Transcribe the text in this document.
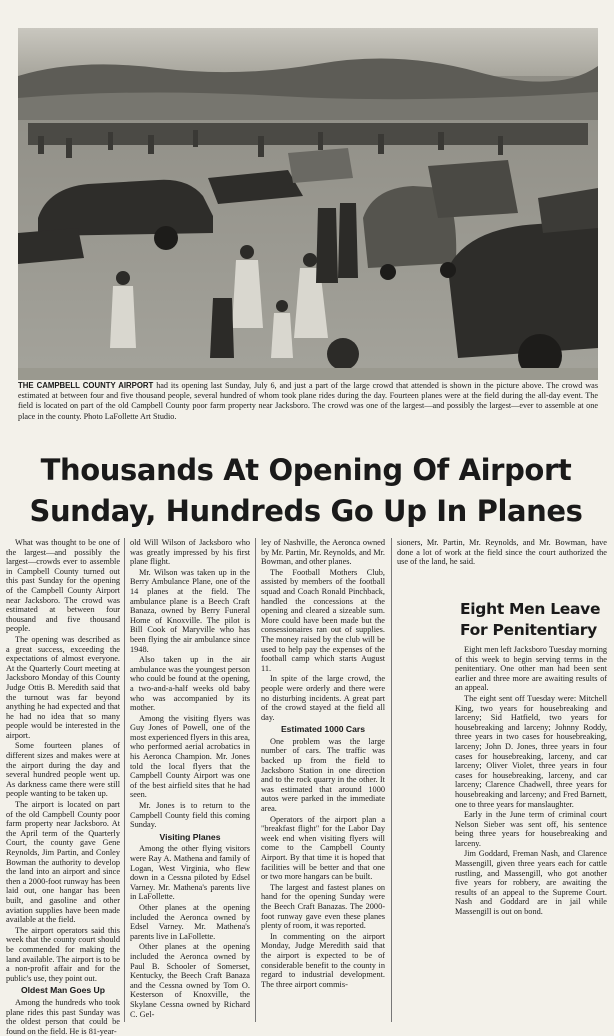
THE CAMPBELL COUNTY AIRPORT had its opening last Sunday, July 6, and just a part of the large crowd that attended is shown in the picture above. The crowd was estimated at between four and five thousand people, several hundred of whom took plane rides during the day. Fourteen planes were at the field during the all-day event. The field is located on part of the old Campbell County poor farm property near Jacksboro. The crowd was one of the largest—and possibly the largest—ever to assemble at one place in the county. Photo LaFollette Art Studio.

Thousands At Opening Of Airport
Sunday, Hundreds Go Up In Planes

What was thought to be one of the largest—and possibly the largest—crowds ever to assemble in Campbell County turned out this past Sunday for the opening of the Campbell County Airport near Jacksboro. The crowd was estimated at between four thousand and five thousand people.

The opening was described as a great success, exceeding the expectations of almost everyone. At the Quarterly Court meeting at Jacksboro Monday of this County Judge Ottis B. Meredith said that the turnout was far beyond anything he had expected and that he had no idea that so many people would be interested in the airport.

Some fourteen planes of different sizes and makes were at the airport during the day and several hundred people went up. As darkness came there were still people wanting to be taken up.

The airport is located on part of the old Campbell County poor farm property near Jacksboro. At the April term of the Quarterly Court, the county gave Gene Reynolds, Jim Partin, and Conley Bowman the authority to develop the land into an airport and since then a 2000-foot runway has been laid out, one hangar has been built, and gasoline and other aviation supplies have been made available at the field.

The airport operators said this week that the county court should be commended for making the land available. The airport is to be a non-profit affair and for the public's use, they point out.

Oldest Man Goes Up

Among the hundreds who took plane rides this past Sunday was the oldest person that could be found on the field. He is 81-year-

old Will Wilson of Jacksboro who was greatly impressed by his first plane flight.

Mr. Wilson was taken up in the Berry Ambulance Plane, one of the 14 planes at the field. The ambulance plane is a Beech Craft Banaza, owned by Berry Funeral Home of Knoxville. The pilot is Bill Cook of Maryville who has been flying the air ambulance since 1948.

Also taken up in the air ambulance was the youngest person who could be found at the opening, a two-and-a-half weeks old baby who was accompanied by its mother.

Among the visiting flyers was Guy Jones of Powell, one of the most experienced flyers in this area, who performed aerial acrobatics in his Aeronca Champion. Mr. Jones told the local flyers that the Campbell County Airport was one of the best airfield sites that he had seen.

Mr. Jones is to return to the Campbell County field this coming Sunday.

Visiting Planes

Among the other flying visitors were Ray A. Mathena and family of Logan, West Virginia, who flew down in a Cessna piloted by Edsel Varney. Mr. Mathena's parents live in LaFollette.

Other planes at the opening included the Aeronca owned by Edsel Varney. Mr. Mathena's parents live in LaFollette.

Other planes at the opening included the Aeronca owned by Paul B. Schooler of Somerset, Kentucky, the Beech Craft Banaza and the Cessna owned by Tom O. Kesterson of Knoxville, the Skylane Cessna owned by Richard C. Gel-

ley of Nashville, the Aeronca owned by Mr. Partin, Mr. Reynolds, and Mr. Bowman, and other planes.

The Football Mothers Club, assisted by members of the football squad and Coach Ronald Pinchback, handled the concessions at the opening and cleared a sizeable sum. More could have been made but the consessionaires ran out of supplies. The money raised by the club will be used to help pay the expenses of the football camp which starts August 11.

In spite of the large crowd, the people were orderly and there were no disturbing incidents. A great part of the crowd stayed at the field all day.

Estimated 1000 Cars

One problem was the large number of cars. The traffic was backed up from the field to Jacksboro Station in one direction and to the rock quarry in the other. It was estimated that around 1000 autos were parked in the immediate area.

Operators of the airport plan a "breakfast flight" for the Labor Day week end when visiting flyers will come to the Campbell County Airport. By that time it is hoped that facilities will be better and that one or two more hangars can be built.

The largest and fastest planes on hand for the opening Sunday were the Beech Craft Banazas. The 2000-foot runway gave even these planes plenty of room, it was reported.

In commenting on the airport Monday, Judge Meredith said that the airport is expected to be of considerable benefit to the county in regard to industrial development. The three airport commis-

sioners, Mr. Partin, Mr. Reynolds, and Mr. Bowman, have done a lot of work at the field since the court authorized the use of the land, he said.

Eight Men Leave
For Penitentiary

Eight men left Jacksboro Tuesday morning of this week to begin serving terms in the penitentiary. One other man had been sent earlier and three more are awaiting results of an appeal.

The eight sent off Tuesday were: Mitchell King, two years for housebreaking and larceny; Sid Hatfield, two years for housebreaking and larceny; Johnny Roddy, three years in two cases for housebreaking, larceny; John D. Jones, three years in four cases for housebreaking, larceny, and car larceny; Oliver Violet, three years in four cases for housebreaking, larceny, and car larceny; Clarence Chadwell, three years for housebreaking and larceny; and Fred Barnett, one to three years for manslaughter.

Early in the June term of criminal court Nelson Sieber was sent off, his sentence being three years for housebreaking and larceny.

Jim Goddard, Freman Nash, and Clarence Massengill, given three years each for cattle rustling, and Massengill, who got another five years for robbery, are awaiting the results of an appeal to the Supreme Court. Nash and Goddard are in jail while Massengill is out on bond.
